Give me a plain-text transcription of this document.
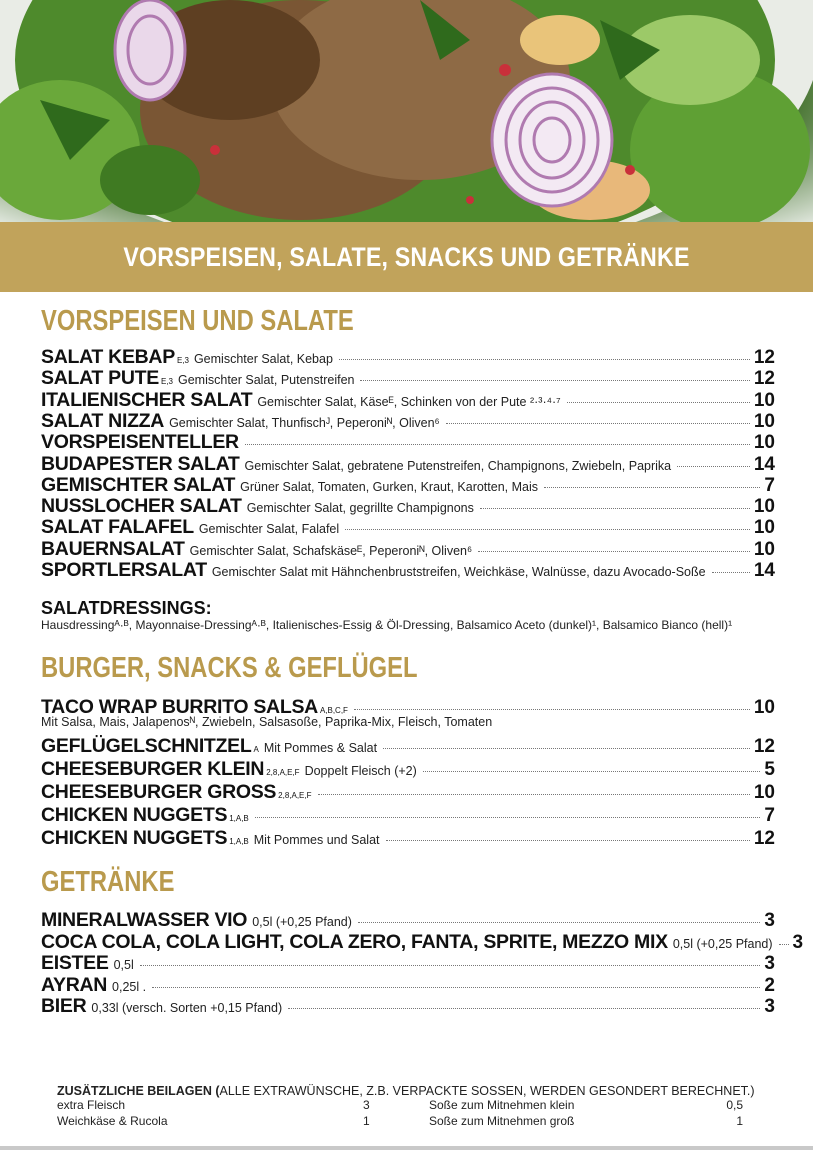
VORSPEISEN, SALATE, SNACKS UND GETRÄNKE
VORSPEISEN UND SALATE
SALAT KEBAP E,3 Gemischter Salat, Kebap	12
SALAT PUTE E,3 Gemischter Salat, Putenstreifen	12
ITALIENISCHER SALAT Gemischter Salat, Käseᴱ, Schinken von der Pute ²·³·⁴·⁷	10
SALAT NIZZA Gemischter Salat, Thunfischᴶ, Peperoniᴺ, Oliven⁶	10
VORSPEISENTELLER	10
BUDAPESTER SALAT Gemischter Salat, gebratene Putenstreifen, Champignons, Zwiebeln, Paprika	14
GEMISCHTER SALAT Grüner Salat, Tomaten, Gurken, Kraut, Karotten, Mais	7
NUSSLOCHER SALAT Gemischter Salat, gegrillte Champignons	10
SALAT FALAFEL Gemischter Salat, Falafel	10
BAUERNSALAT Gemischter Salat, Schafskäseᴱ, Peperoniᴺ, Oliven⁶	10
SPORTLERSALAT Gemischter Salat mit Hähnchenbruststreifen, Weichkäse, Walnüsse, dazu Avocado-Soße	14
SALATDRESSINGS:
Hausdressingᴬ·ᴮ, Mayonnaise-Dressingᴬ·ᴮ, Italienisches-Essig & Öl-Dressing, Balsamico Aceto (dunkel)¹, Balsamico Bianco (hell)¹
BURGER, SNACKS & GEFLÜGEL
TACO WRAP BURRITO SALSA A,B,C,F	10
Mit Salsa, Mais, Jalapenosᴺ, Zwiebeln, Salsasoße, Paprika-Mix, Fleisch, Tomaten
GEFLÜGELSCHNITZEL A Mit Pommes & Salat	12
CHEESEBURGER KLEIN 2,8,A,E,F Doppelt Fleisch (+2)	5
CHEESEBURGER GROSS 2,8,A,E,F	10
CHICKEN NUGGETS 1,A,B	7
CHICKEN NUGGETS 1,A,B Mit Pommes und Salat	12
GETRÄNKE
MINERALWASSER VIO 0,5l (+0,25 Pfand)	3
COCA COLA, COLA LIGHT, COLA ZERO, FANTA, SPRITE, MEZZO MIX 0,5l (+0,25 Pfand) 3
EISTEE 0,5l	3
AYRAN 0,25l .	2
BIER 0,33l (versch. Sorten +0,15 Pfand)	3
ZUSÄTZLICHE BEILAGEN (ALLE EXTRAWÜNSCHE, Z.B. VERPACKTE SOSSEN, WERDEN GESONDERT BERECHNET.)
extra Fleisch	3	Soße zum Mitnehmen klein	0,5
Weichkäse & Rucola	1	Soße zum Mitnehmen groß	1
